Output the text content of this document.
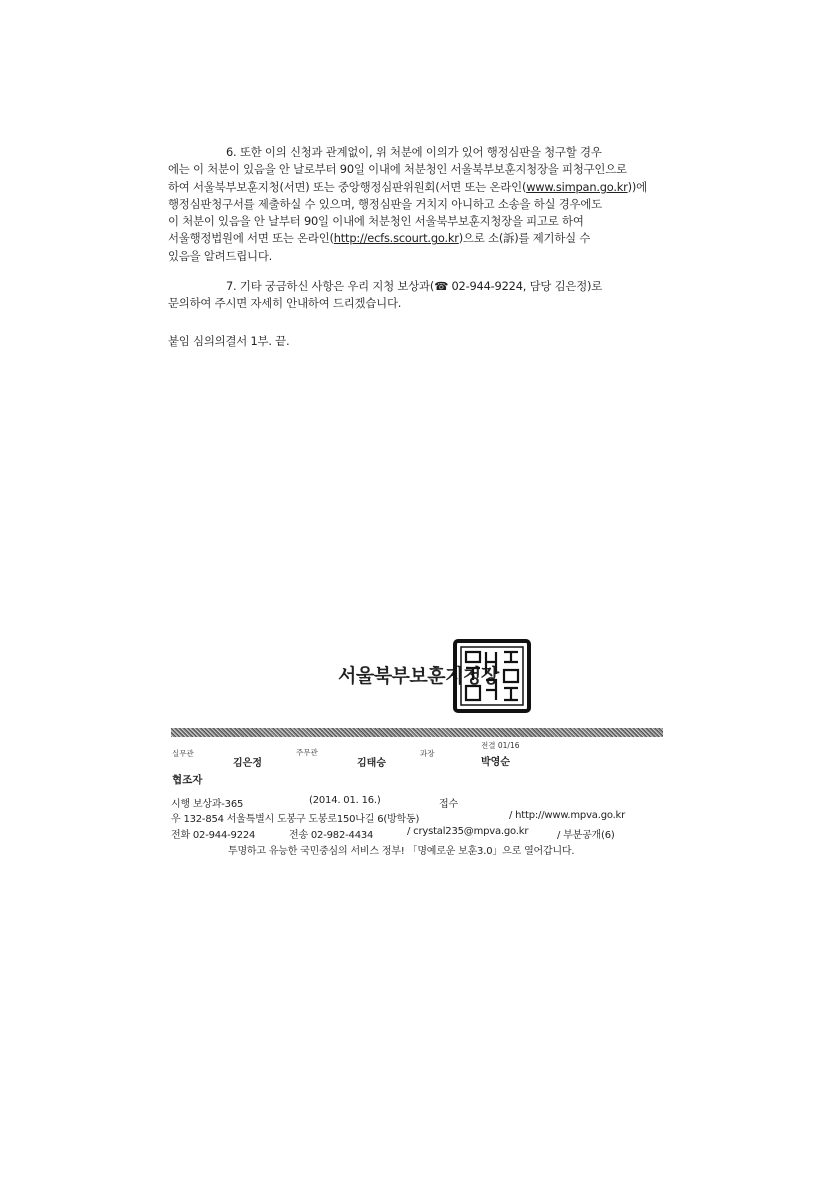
6. 또한 이의 신청과 관계없이, 위 처분에 이의가 있어 행정심판을 청구할 경우
에는 이 처분이 있음을 안 날로부터 90일 이내에 처분청인 서울북부보훈지청장을 피청구인으로
하여 서울북부보훈지청(서면) 또는 중앙행정심판위원회(서면 또는 온라인(www.simpan.go.kr))에
행정심판청구서를 제출하실 수 있으며, 행정심판을 거치지 아니하고 소송을 하실 경우에도
이 처분이 있음을 안 날부터 90일 이내에 처분청인 서울북부보훈지청장을 피고로 하여
서울행정법원에 서면 또는 온라인(http://ecfs.scourt.go.kr)으로 소(訴)를 제기하실 수
있음을 알려드립니다.
7. 기타 궁금하신 사항은 우리 지청 보상과(☎ 02-944-9224, 담당 김은정)로
문의하여 주시면 자세히 안내하여 드리겠습니다.
붙임 심의의결서 1부. 끝.
서울북부보훈지청장
실무관
김은정
주무관
김태승
과장
전결 01/16
박영순
협조자
시행 보상과-365	(2014. 01. 16.)	접수
우 132-854 서울특별시 도봉구 도봉로150나길 6(방학동)	/ http://www.mpva.go.kr
전화 02-944-9224	전송 02-982-4434	/ crystal235@mpva.go.kr	/ 부분공개(6)
투명하고 유능한 국민중심의 서비스 정부! 「명예로운 보훈3.0」으로 열어갑니다.
